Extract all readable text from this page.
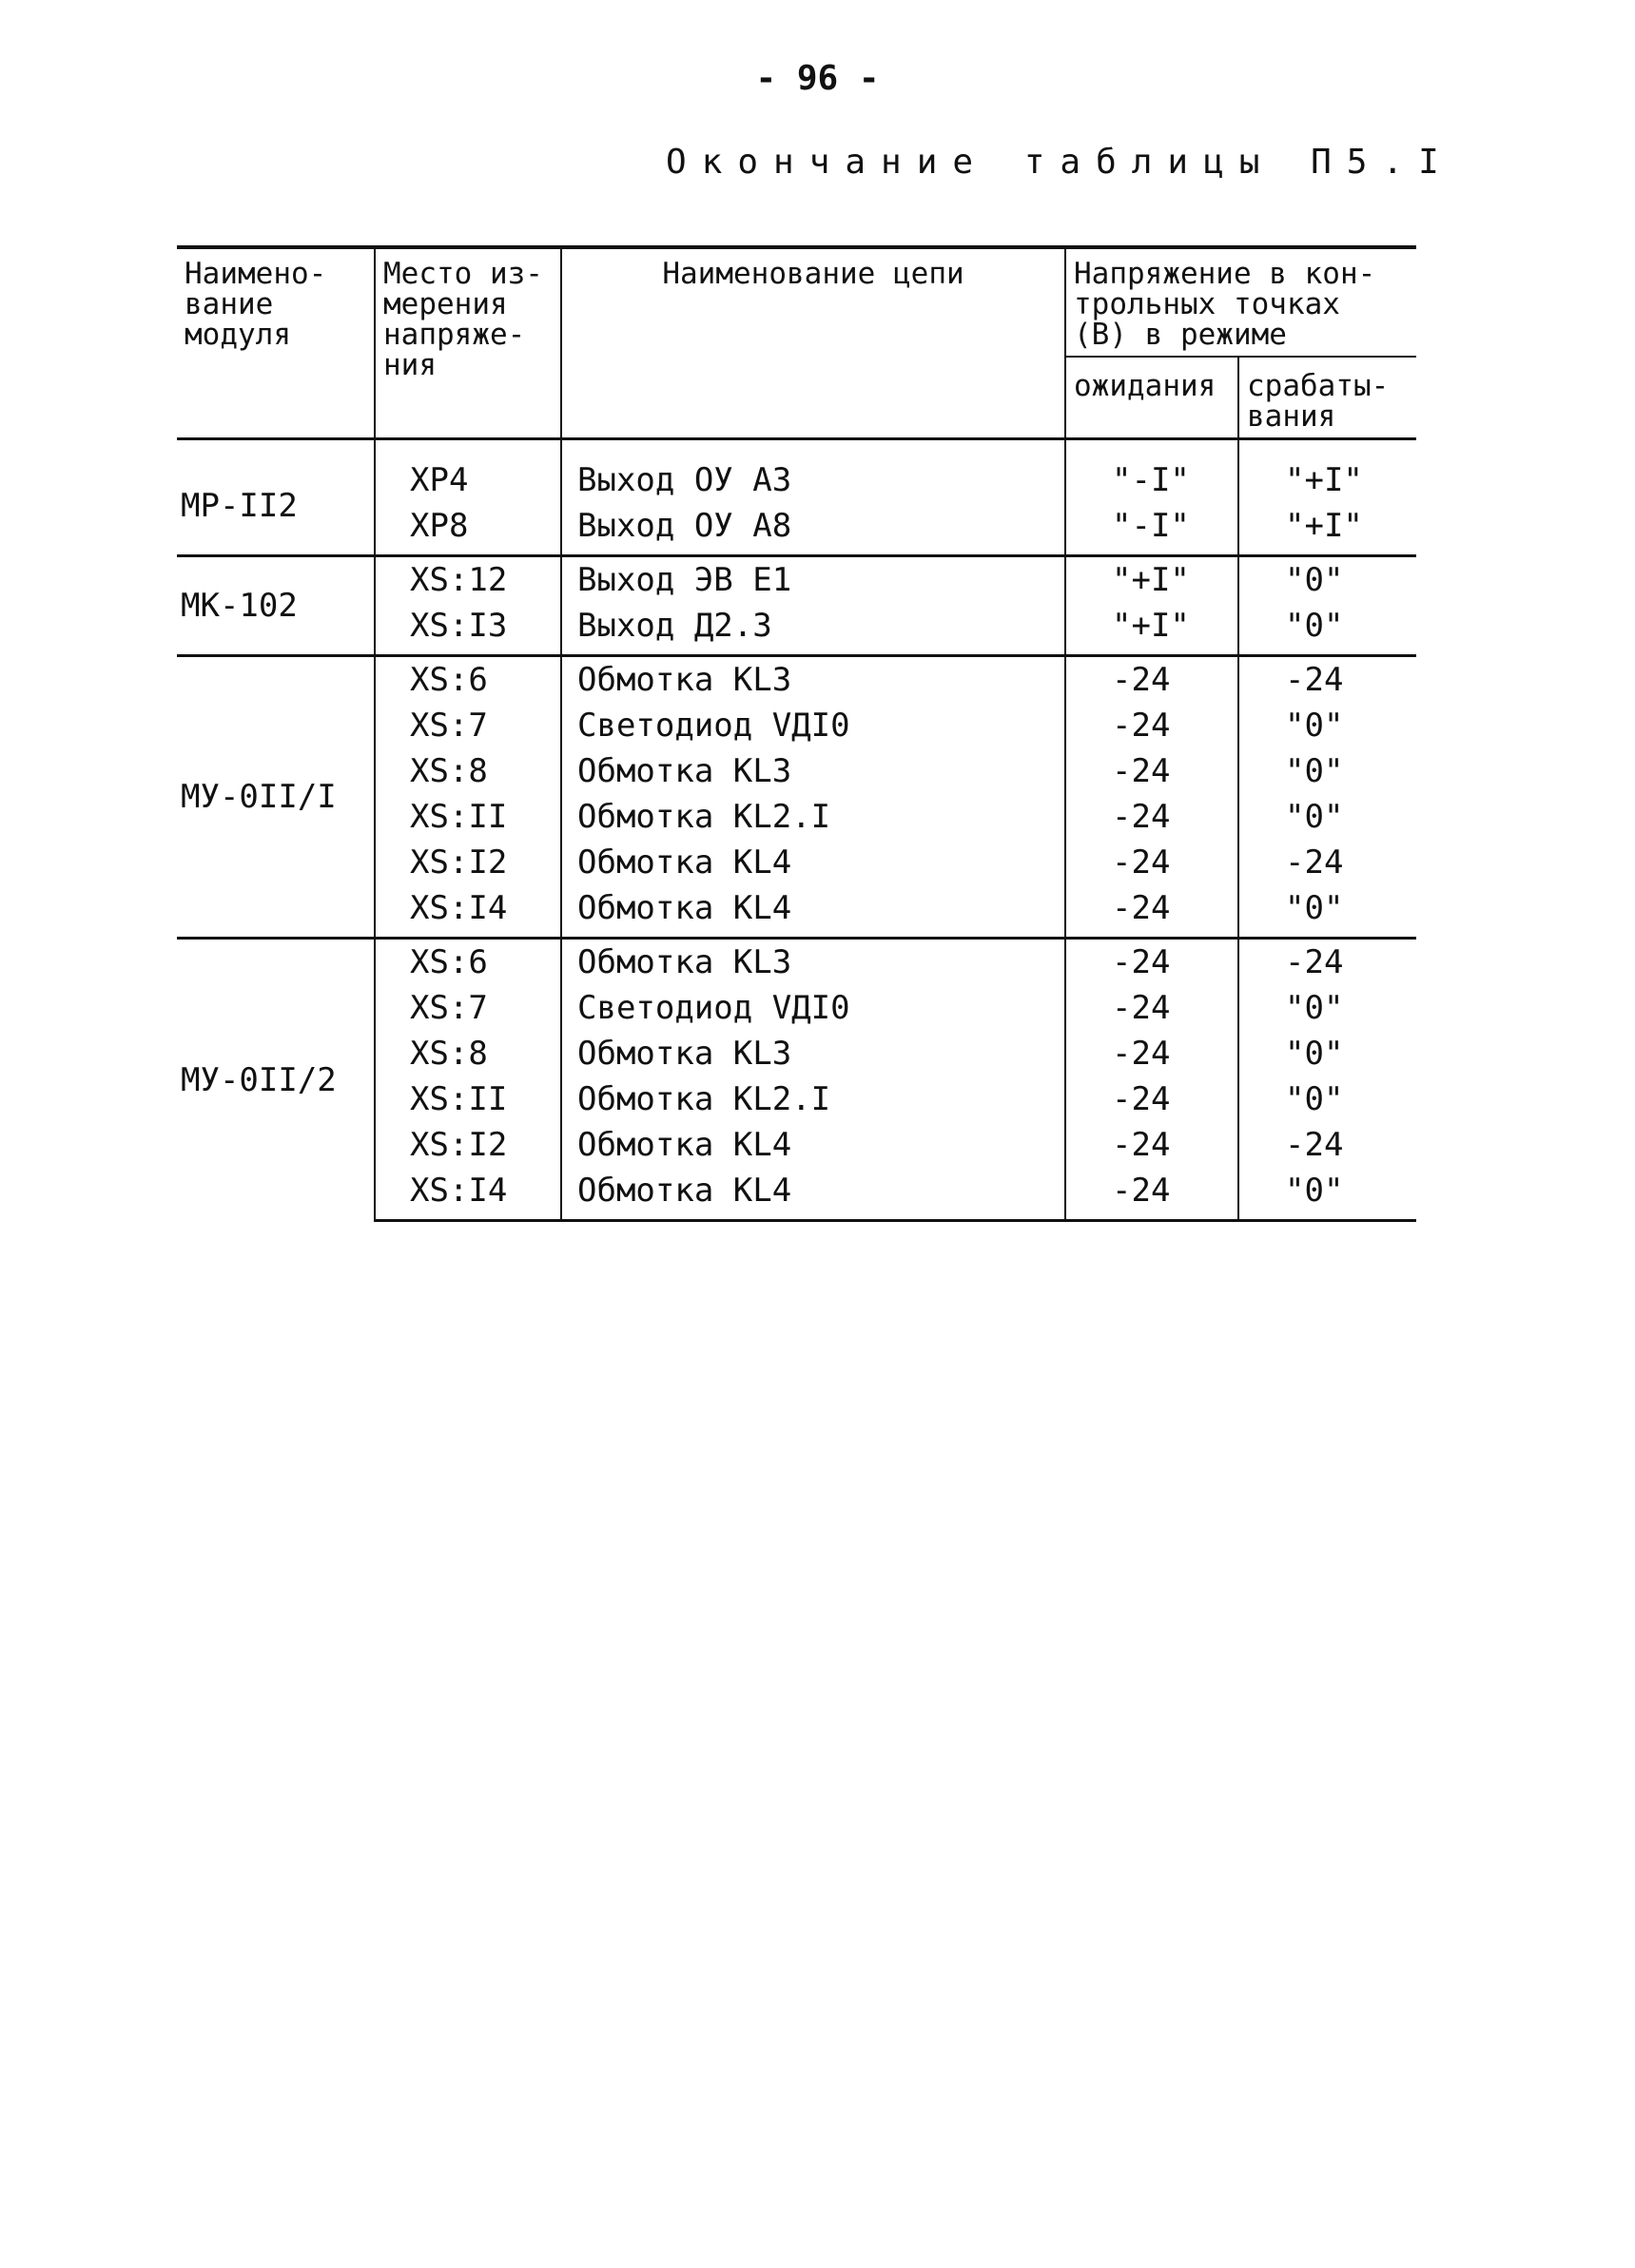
- 96 -
Окончание таблицы П5.I
Наимено-вание модуля	Место из-мерения напряже-ния	Наименование цепи	Напряжение в кон-трольных точках (В) в режиме	
			ожидания	срабаты-вания
МР-II2	XP4	Выход ОУ А3	"-I"	"+I"
	XP8	Выход ОУ А8	"-I"	"+I"
МК-102	XS:12	Выход ЭВ Е1	"+I"	"0"
	XS:I3	Выход Д2.3	"+I"	"0"
МУ-0II/I	XS:6	Обмотка KL3	-24	-24
	XS:7	Светодиод VДI0	-24	"0"
	XS:8	Обмотка KL3	-24	"0"
	XS:II	Обмотка KL2.I	-24	"0"
	XS:I2	Обмотка KL4	-24	-24
	XS:I4	Обмотка KL4	-24	"0"
МУ-0II/2	XS:6	Обмотка KL3	-24	-24
	XS:7	Светодиод VДI0	-24	"0"
	XS:8	Обмотка KL3	-24	"0"
	XS:II	Обмотка KL2.I	-24	"0"
	XS:I2	Обмотка KL4	-24	-24
	XS:I4	Обмотка KL4	-24	"0"
